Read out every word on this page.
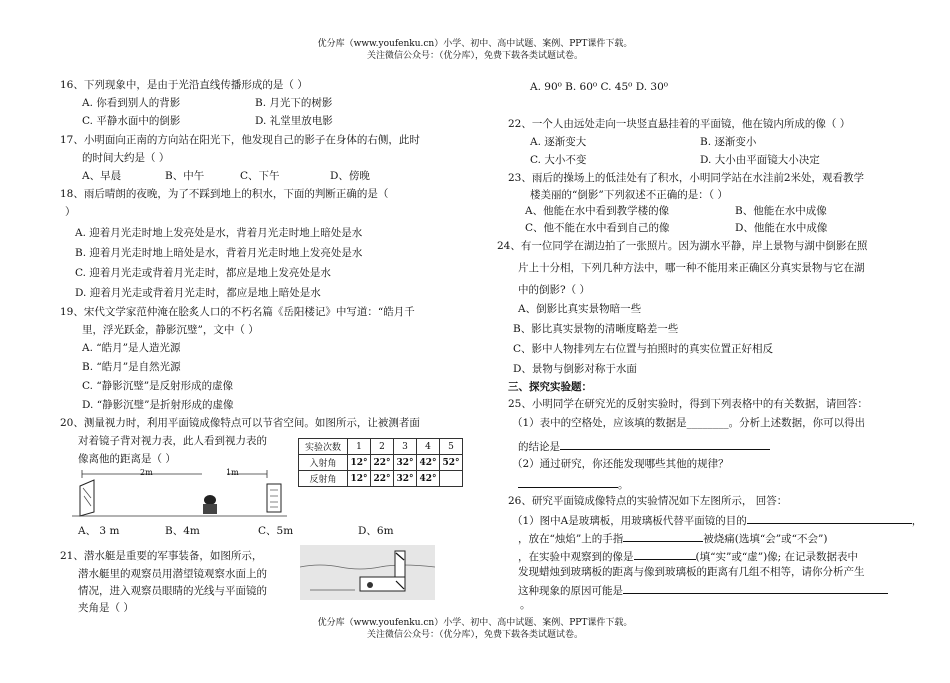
优分库（www.youfenku.cn）小学、初中、高中试题、案例、PPT课件下载。
关注微信公众号：（优分库），免费下载各类试题试卷。
16、下列现象中，是由于光沿直线传播形成的是（ ）
A. 你看到别人的背影	B. 月光下的树影
C. 平静水面中的倒影	D. 礼堂里放电影
17、小明面向正南的方向站在阳光下，他发现自己的影子在身体的右侧，此时
的时间大约是（ ）
A、早晨	B、中午	C、下午	D、傍晚
18、雨后晴朗的夜晚，为了不踩到地上的积水，下面的判断正确的是（
）
A. 迎着月光走时地上发亮处是水，背着月光走时地上暗处是水
B. 迎着月光走时地上暗处是水，背着月光走时地上发亮处是水
C. 迎着月光走或背着月光走时，都应是地上发亮处是水
D. 迎着月光走或背着月光走时，都应是地上暗处是水
19、宋代文学家范仲淹在脍炙人口的不朽名篇《岳阳楼记》中写道：“皓月千
里，浮光跃金，静影沉璧”，文中（ ）
A. “皓月”是人造光源
B. “皓月”是自然光源
C. “静影沉璧”是反射形成的虚像
D. “静影沉璧”是折射形成的虚像
20、测量视力时，利用平面镜成像特点可以节省空间。如图所示，让被测者面
对着镜子背对视力表，此人看到视力表的
像离他的距离是（ ）
2m	1m
A、 3 m	B、4m	C、5m	D、6m
21、潜水艇是重要的军事装备，如图所示，
潜水艇里的观察员用潜望镜观察水面上的
情况，进入观察员眼睛的光线与平面镜的
夹角是（ ）
实验次数	1	2	3	4	5
入射角	12°	22°	32°	42°	52°
反射角	12°	22°	32°	42°	
A. 90⁰ B. 60⁰ C. 45⁰ D. 30⁰
22、一个人由远处走向一块竖直悬挂着的平面镜，他在镜内所成的像（ ）
A. 逐渐变大	B. 逐渐变小
C. 大小不变	D. 大小由平面镜大小决定
23、雨后的操场上的低洼处有了积水，小明同学站在水洼前2米处，观看教学
楼美丽的“倒影”下列叙述不正确的是：（ ）
A、他能在水中看到教学楼的像	B、他能在水中成像
C、他不能在水中看到自己的像	D、他能在水中成像
24、有一位同学在湖边拍了一张照片。因为湖水平静，岸上景物与湖中倒影在照
片上十分相，下列几种方法中，哪一种不能用来正确区分真实景物与它在湖
中的倒影?（ ）
A、倒影比真实景物暗一些
B、影比真实景物的清晰度略差一些
C、影中人物排列左右位置与拍照时的真实位置正好相反
D、景物与倒影对称于水面
三、探究实验题：
25、小明同学在研究光的反射实验时，得到下列表格中的有关数据，请回答：
（1）表中的空格处，应该填的数据是________。分析上述数据，你可以得出
的结论是
（2）通过研究，你还能发现哪些其他的规律？
。
26、研究平面镜成像特点的实验情况如下左图所示， 回答：
（1）图中A是玻璃板，用玻璃板代替平面镜的目的	，
，放在“烛焰”上的手指	被烧痛(选填“会”或“不会”)
，在实验中观察到的像是	(填“实”或“虚”)像; 在记录数据表中
发现蜡烛到玻璃板的距离与像到玻璃板的距离有几组不相等，请你分析产生
这种现象的原因可能是
。
优分库（www.youfenku.cn）小学、初中、高中试题、案例、PPT课件下载。
关注微信公众号：（优分库），免费下载各类试题试卷。
